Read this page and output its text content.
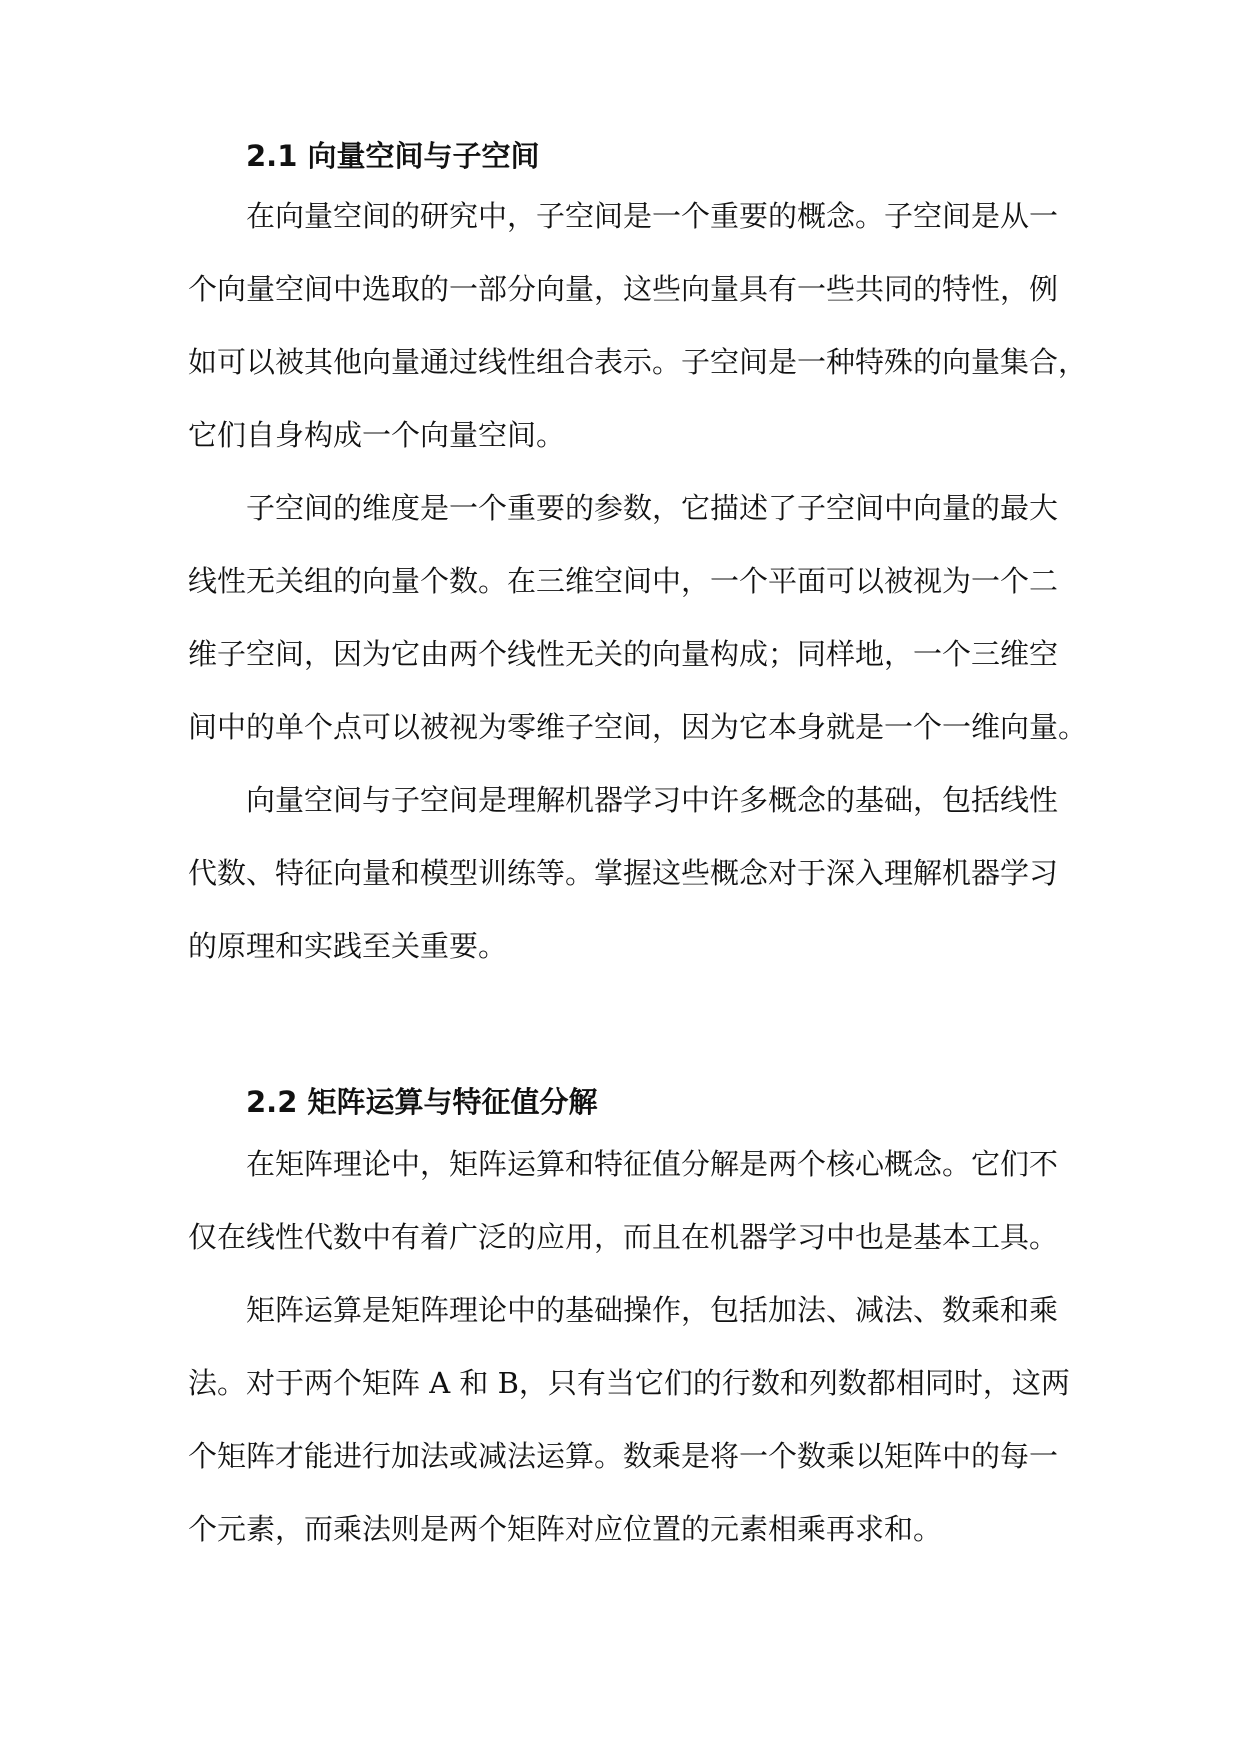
2.1 向量空间与子空间
在向量空间的研究中，子空间是一个重要的概念。子空间是从一
个向量空间中选取的一部分向量，这些向量具有一些共同的特性，例
如可以被其他向量通过线性组合表示。子空间是一种特殊的向量集合，
它们自身构成一个向量空间。
子空间的维度是一个重要的参数，它描述了子空间中向量的最大
线性无关组的向量个数。在三维空间中，一个平面可以被视为一个二
维子空间，因为它由两个线性无关的向量构成；同样地，一个三维空
间中的单个点可以被视为零维子空间，因为它本身就是一个一维向量。
向量空间与子空间是理解机器学习中许多概念的基础，包括线性
代数、特征向量和模型训练等。掌握这些概念对于深入理解机器学习
的原理和实践至关重要。
2.2 矩阵运算与特征值分解
在矩阵理论中，矩阵运算和特征值分解是两个核心概念。它们不
仅在线性代数中有着广泛的应用，而且在机器学习中也是基本工具。
矩阵运算是矩阵理论中的基础操作，包括加法、减法、数乘和乘
法。对于两个矩阵 A 和 B，只有当它们的行数和列数都相同时，这两
个矩阵才能进行加法或减法运算。数乘是将一个数乘以矩阵中的每一
个元素，而乘法则是两个矩阵对应位置的元素相乘再求和。
